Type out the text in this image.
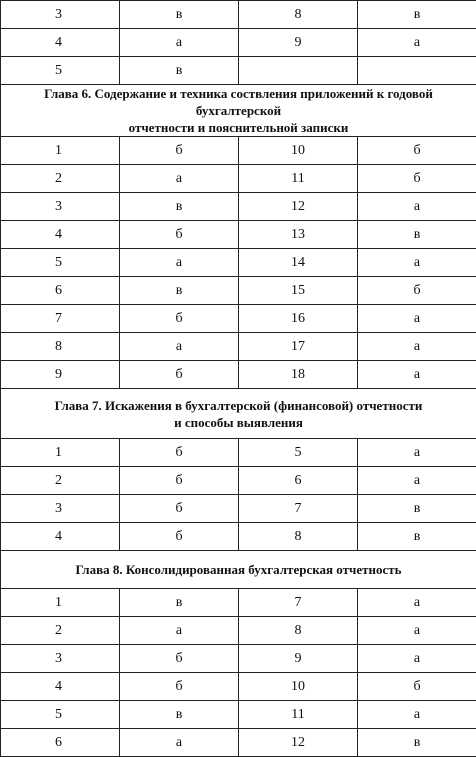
3	в	8	в
4	а	9	а
5	в		

Глава 6. Содержание и техника соствления приложений к годовой бухгалтерской
отчетности и пояснительной записки			

1	б	10	б
2	а	11	б
3	в	12	а
4	б	13	в
5	а	14	а
6	в	15	б
7	б	16	а
8	а	17	а
9	б	18	а

Глава 7. Искажения в бухгалтерской (финансовой) отчетности
и способы выявления			

1	б	5	а
2	б	6	а
3	б	7	в
4	б	8	в

Глава 8. Консолидированная бухгалтерская отчетность			

1	в	7	а
2	а	8	а
3	б	9	а
4	б	10	б
5	в	11	а
6	а	12	в
